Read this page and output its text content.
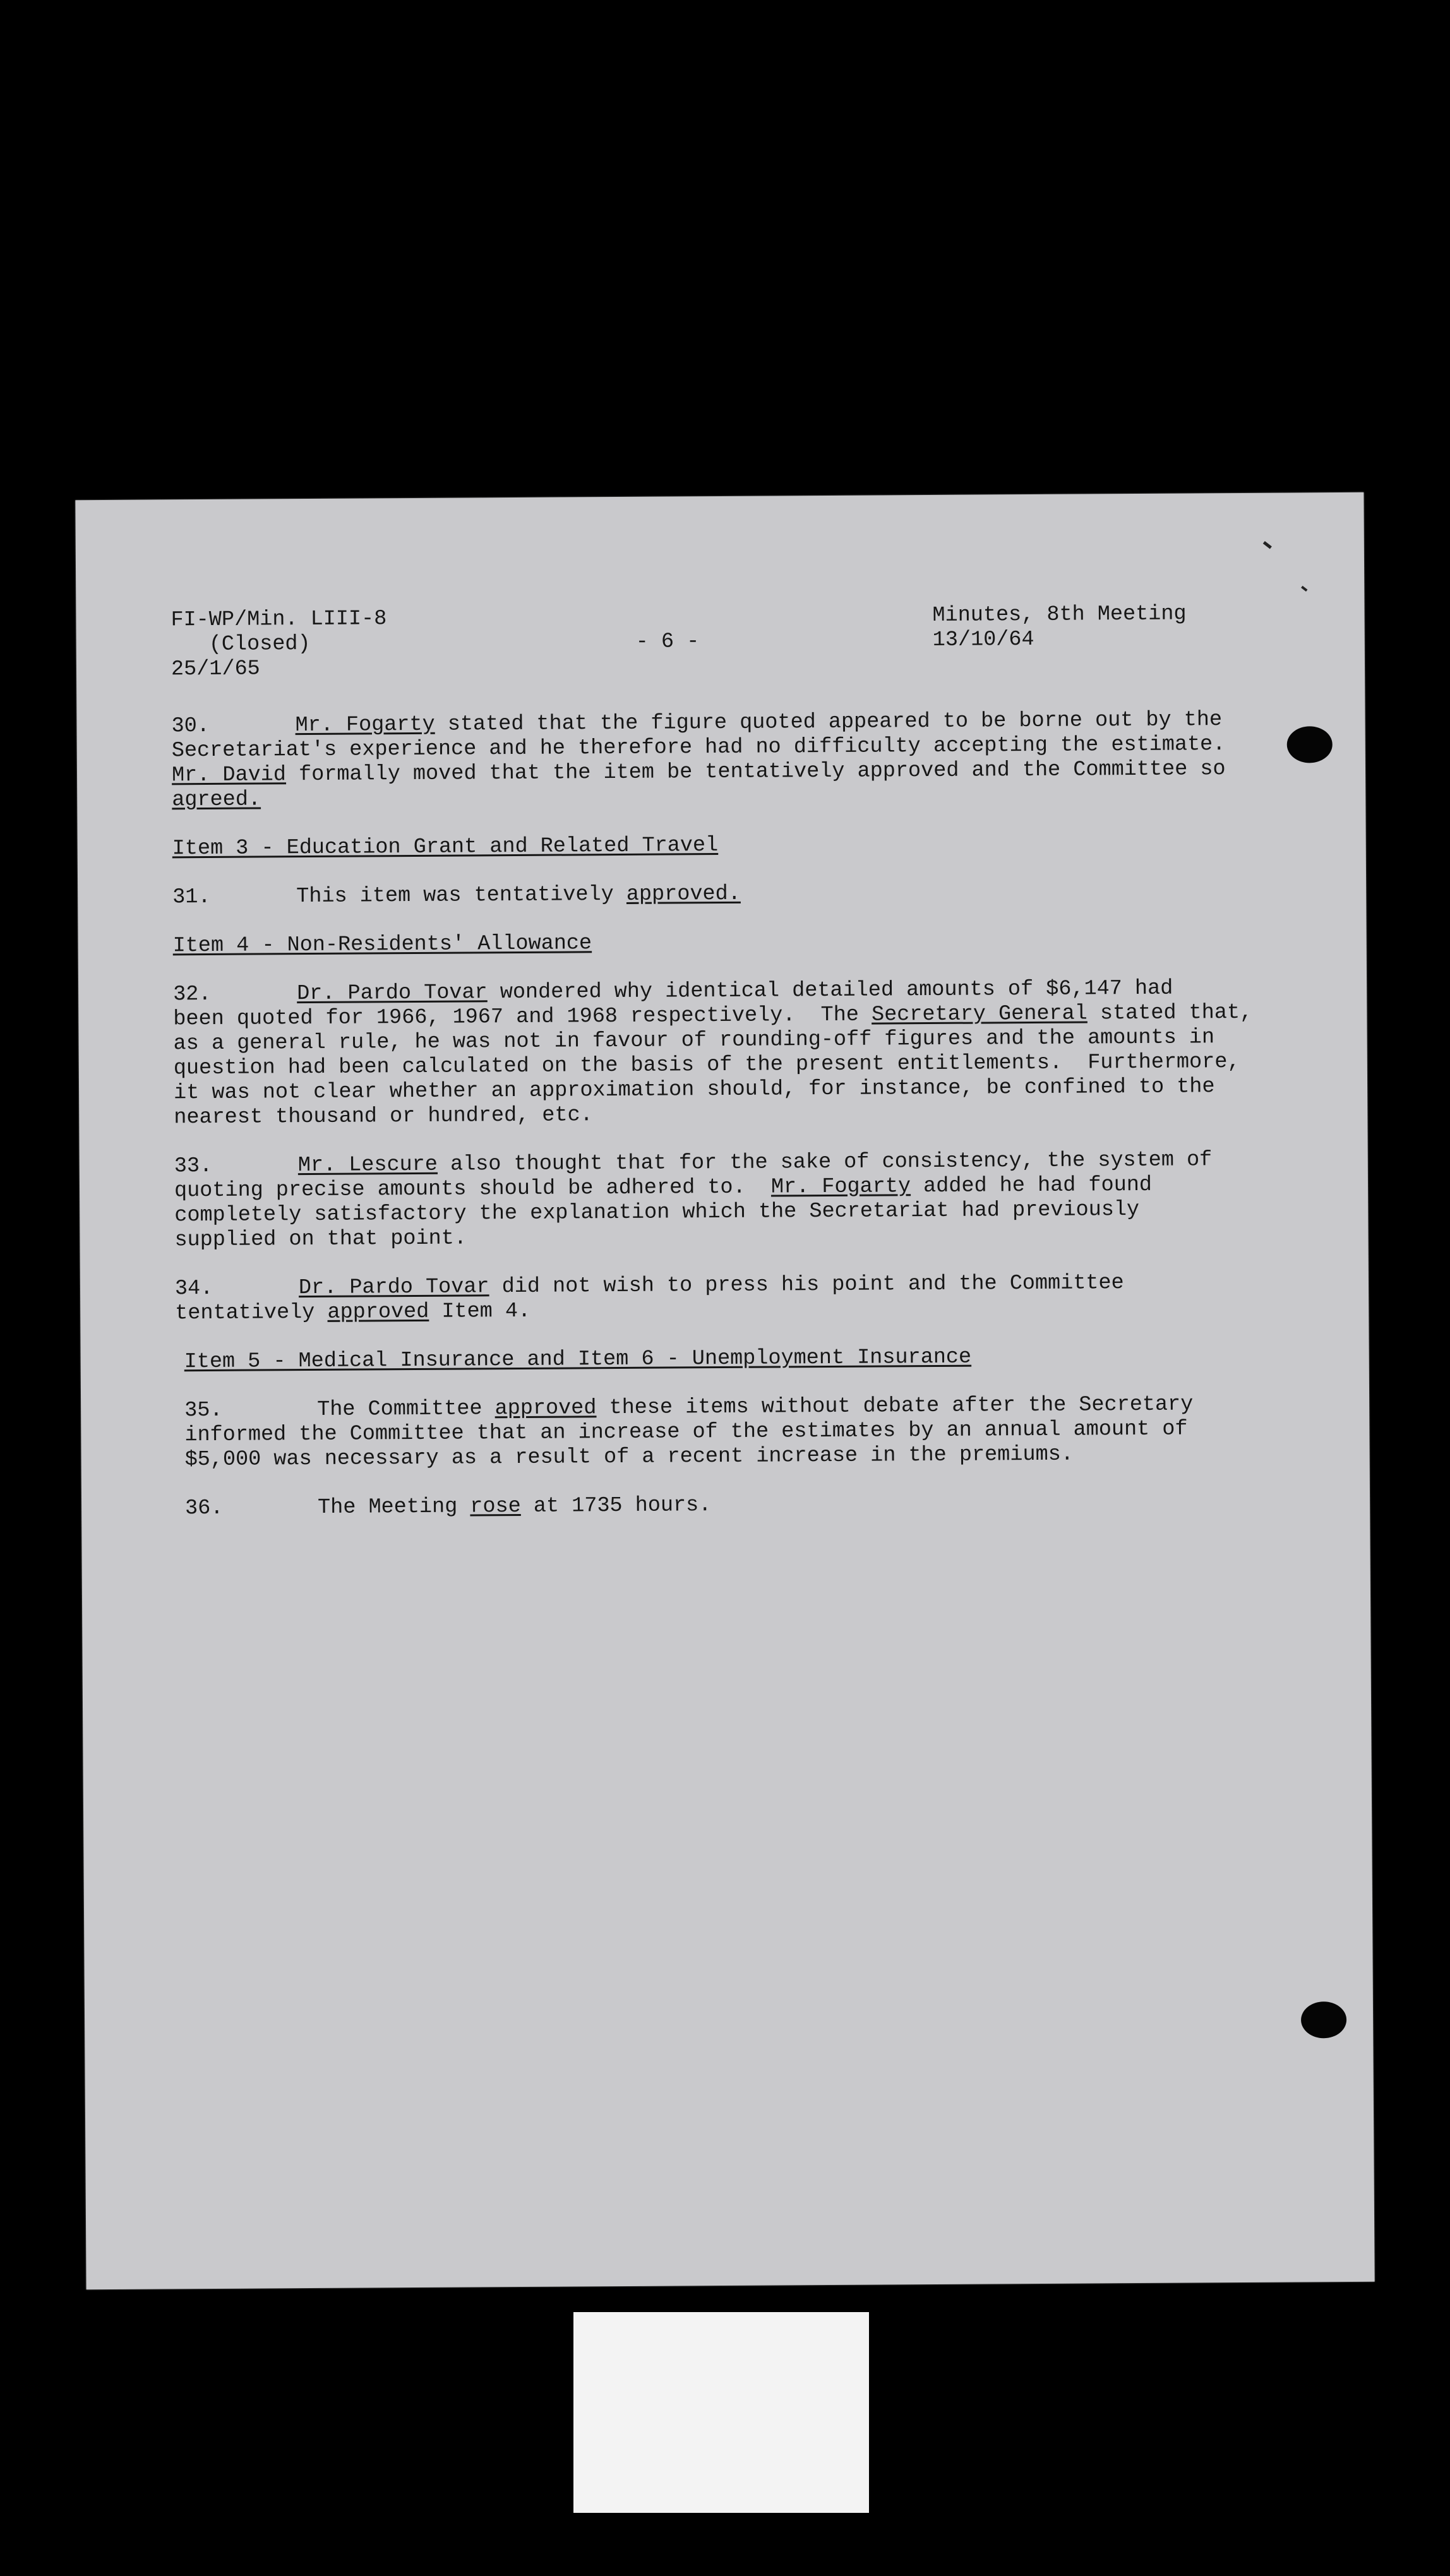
FI-WP/Min. LIII-8
(Closed)
25/1/65
- 6 -
Minutes, 8th Meeting
13/10/64
30.	Mr. Fogarty stated that the figure quoted appeared to be borne out by the
Secretariat's experience and he therefore had no difficulty accepting the estimate.
Mr. David formally moved that the item be tentatively approved and the Committee so
agreed.
Item 3 - Education Grant and Related Travel
31.	This item was tentatively approved.
Item 4 - Non-Residents' Allowance
32.	Dr. Pardo Tovar wondered why identical detailed amounts of $6,147 had
been quoted for 1966, 1967 and 1968 respectively.  The Secretary General stated that,
as a general rule, he was not in favour of rounding-off figures and the amounts in
question had been calculated on the basis of the present entitlements.  Furthermore,
it was not clear whether an approximation should, for instance, be confined to the
nearest thousand or hundred, etc.
33.	Mr. Lescure also thought that for the sake of consistency, the system of
quoting precise amounts should be adhered to.  Mr. Fogarty added he had found
completely satisfactory the explanation which the Secretariat had previously
supplied on that point.
34.	Dr. Pardo Tovar did not wish to press his point and the Committee
tentatively approved Item 4.
Item 5 - Medical Insurance and Item 6 - Unemployment Insurance
35.	The Committee approved these items without debate after the Secretary
informed the Committee that an increase of the estimates by an annual amount of
$5,000 was necessary as a result of a recent increase in the premiums.
36.	The Meeting rose at 1735 hours.
